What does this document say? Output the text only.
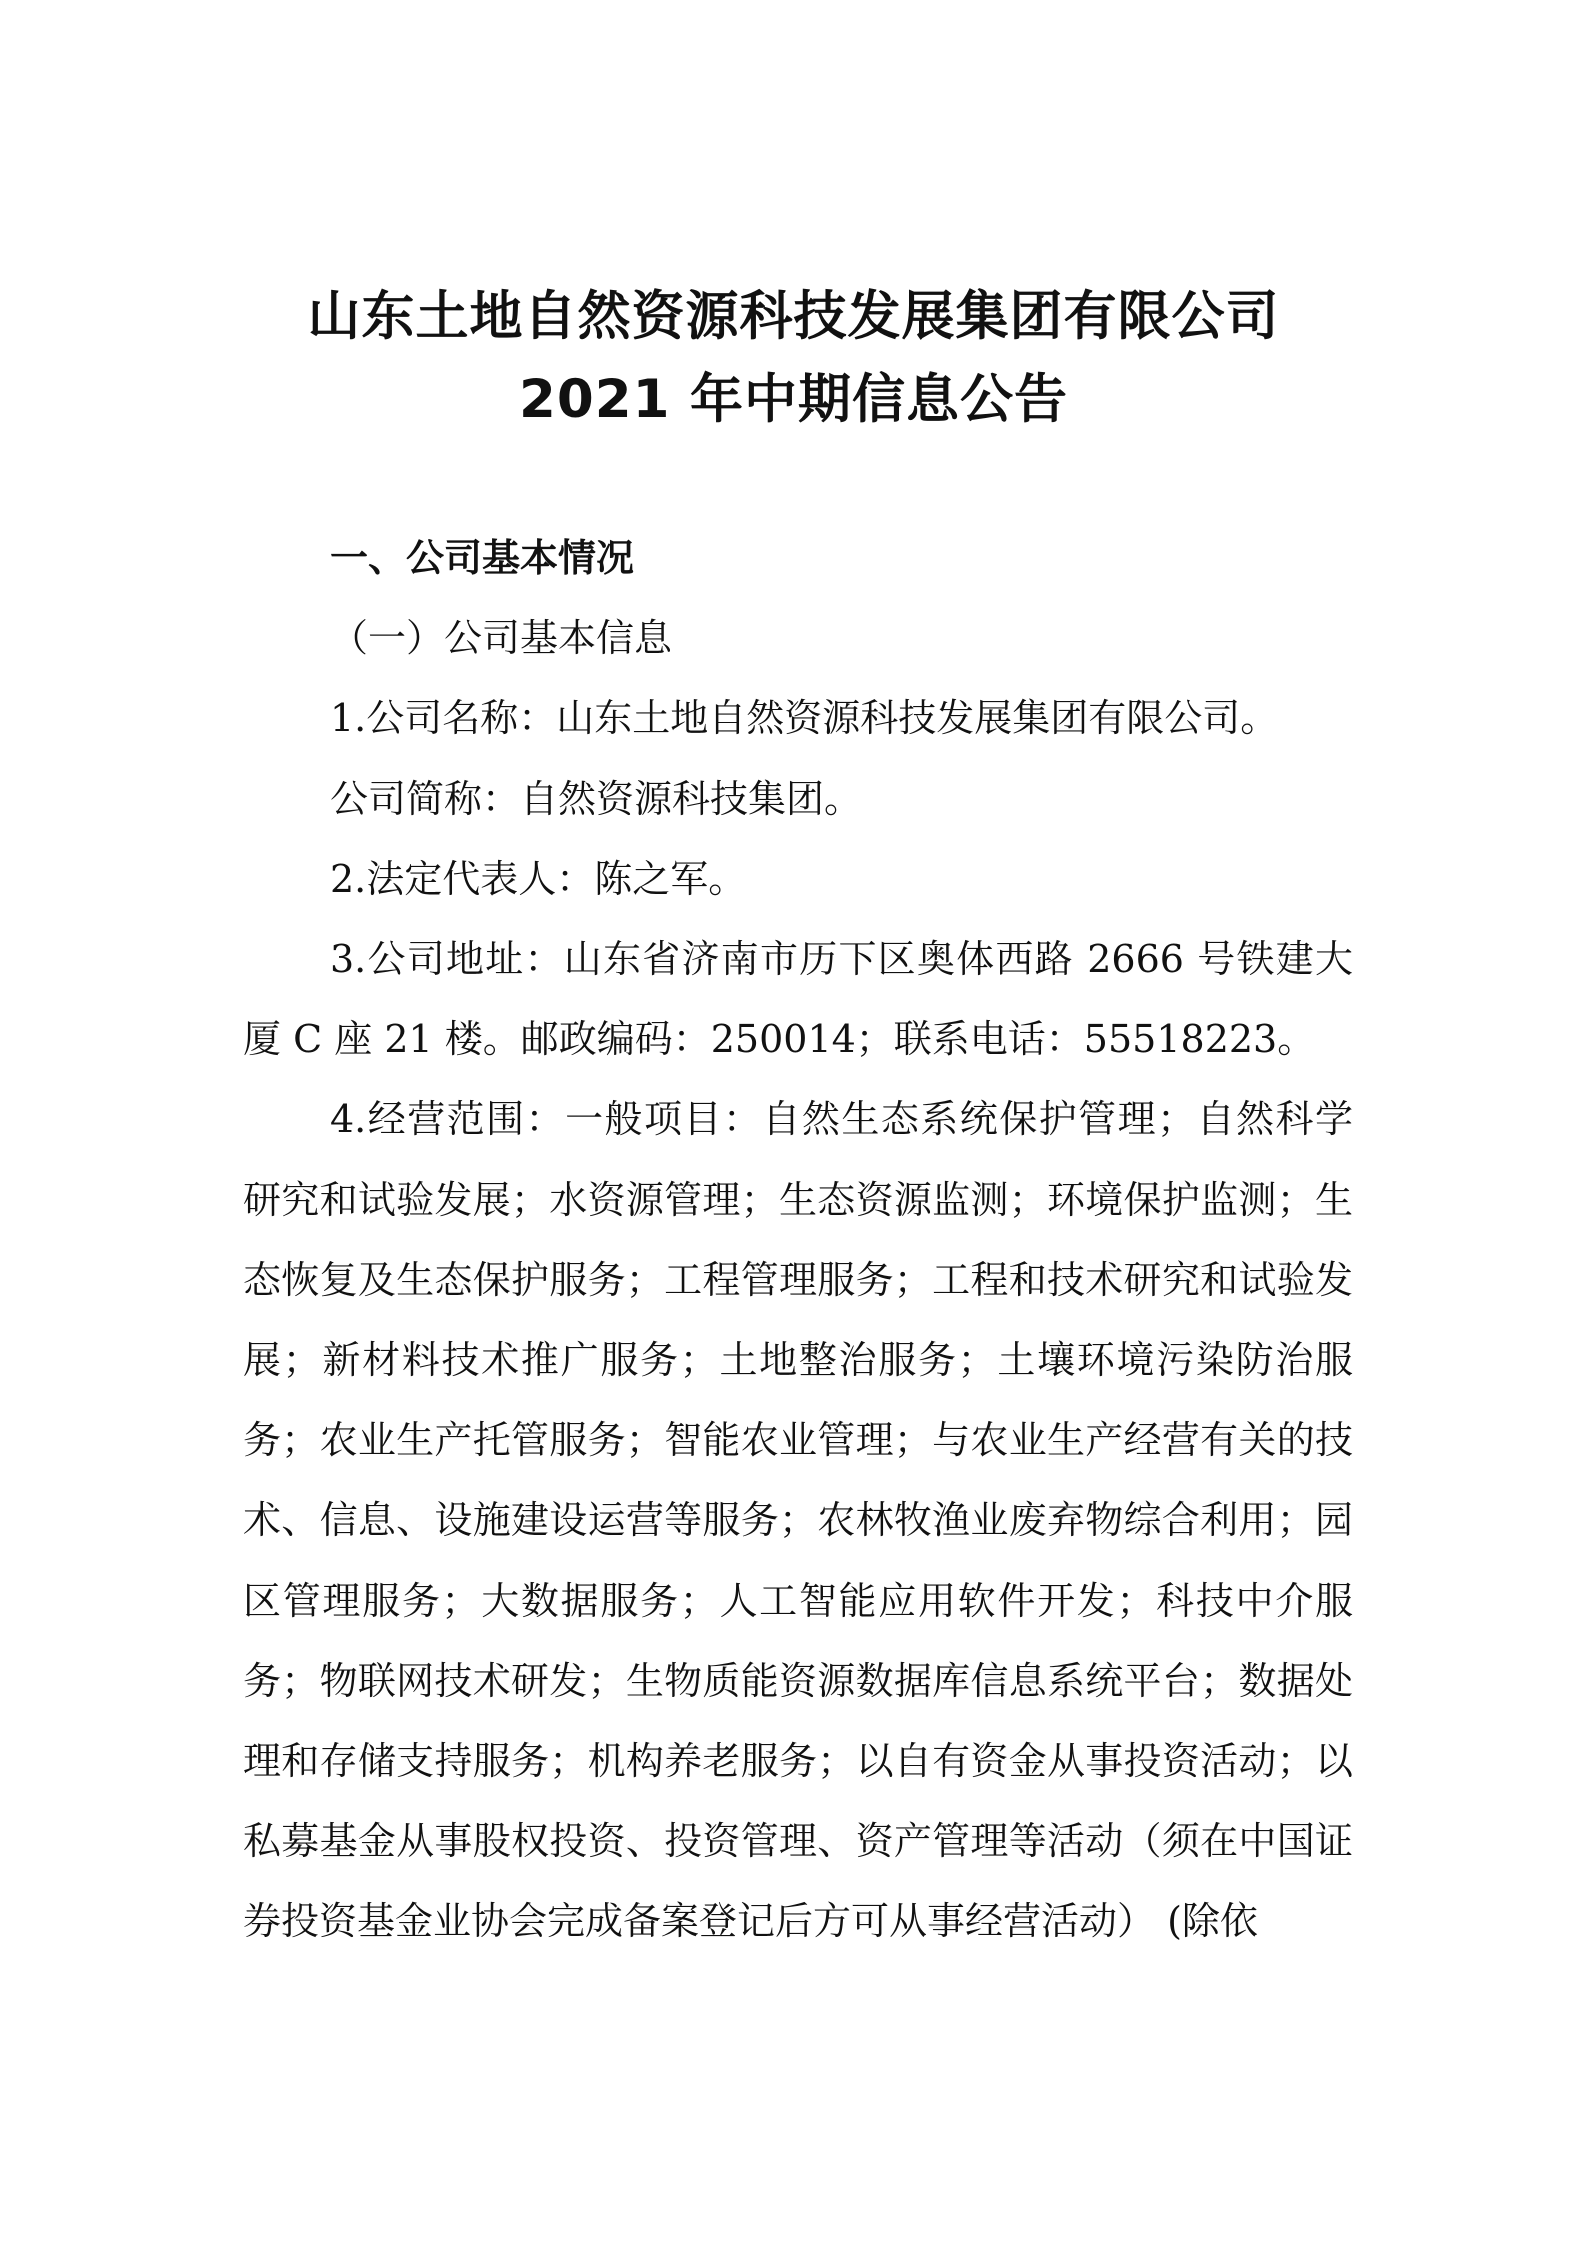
山东土地自然资源科技发展集团有限公司
2021 年中期信息公告

一、公司基本情况

（一）公司基本信息

1.公司名称：山东土地自然资源科技发展集团有限公司。

公司简称：自然资源科技集团。

2.法定代表人：陈之军。

3.公司地址：山东省济南市历下区奥体西路 2666 号铁建大厦 C 座 21 楼。邮政编码：250014；联系电话：55518223。

4.经营范围：一般项目：自然生态系统保护管理；自然科学研究和试验发展；水资源管理；生态资源监测；环境保护监测；生态恢复及生态保护服务；工程管理服务；工程和技术研究和试验发展；新材料技术推广服务；土地整治服务；土壤环境污染防治服务；农业生产托管服务；智能农业管理；与农业生产经营有关的技术、信息、设施建设运营等服务；农林牧渔业废弃物综合利用；园区管理服务；大数据服务；人工智能应用软件开发；科技中介服务；物联网技术研发；生物质能资源数据库信息系统平台；数据处理和存储支持服务；机构养老服务；以自有资金从事投资活动；以私募基金从事股权投资、投资管理、资产管理等活动（须在中国证券投资基金业协会完成备案登记后方可从事经营活动） (除依
